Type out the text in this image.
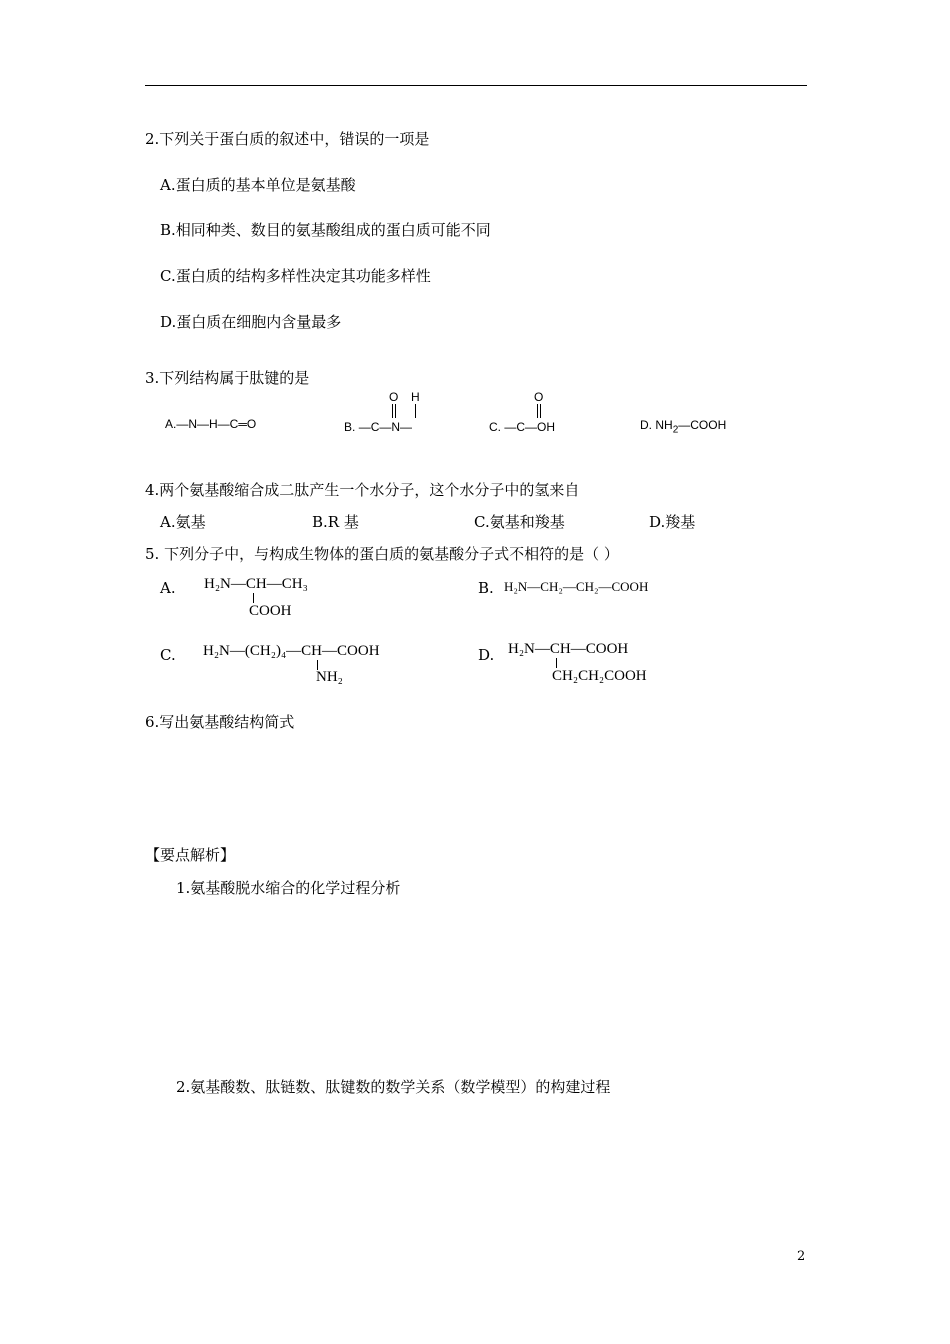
2.下列关于蛋白质的叙述中，错误的一项是
A.蛋白质的基本单位是氨基酸
B.相同种类、数目的氨基酸组成的蛋白质可能不同
C.蛋白质的结构多样性决定其功能多样性
D.蛋白质在细胞内含量最多
3.下列结构属于肽键的是
A.—N—H—C═O
O H
B. —C—N—
O
C. —C—OH	D. $NH_2—COOH$
4.两个氨基酸缩合成二肽产生一个水分子，这个水分子中的氢来自
A.氨基	B.R 基	C.氨基和羧基	D.羧基
5. 下列分子中，与构成生物体的蛋白质的氨基酸分子式不相符的是（ ）
A. H₂N—CH—CH₃
COOH
B. H₂N—CH₂—CH₂—COOH
C. H₂N—(CH₂)₄—CH—COOH
NH₂
D. H₂N—CH—COOH
CH₂CH₂COOH
6.写出氨基酸结构简式
【要点解析】
1.氨基酸脱水缩合的化学过程分析
2.氨基酸数、肽链数、肽键数的数学关系（数学模型）的构建过程
2
